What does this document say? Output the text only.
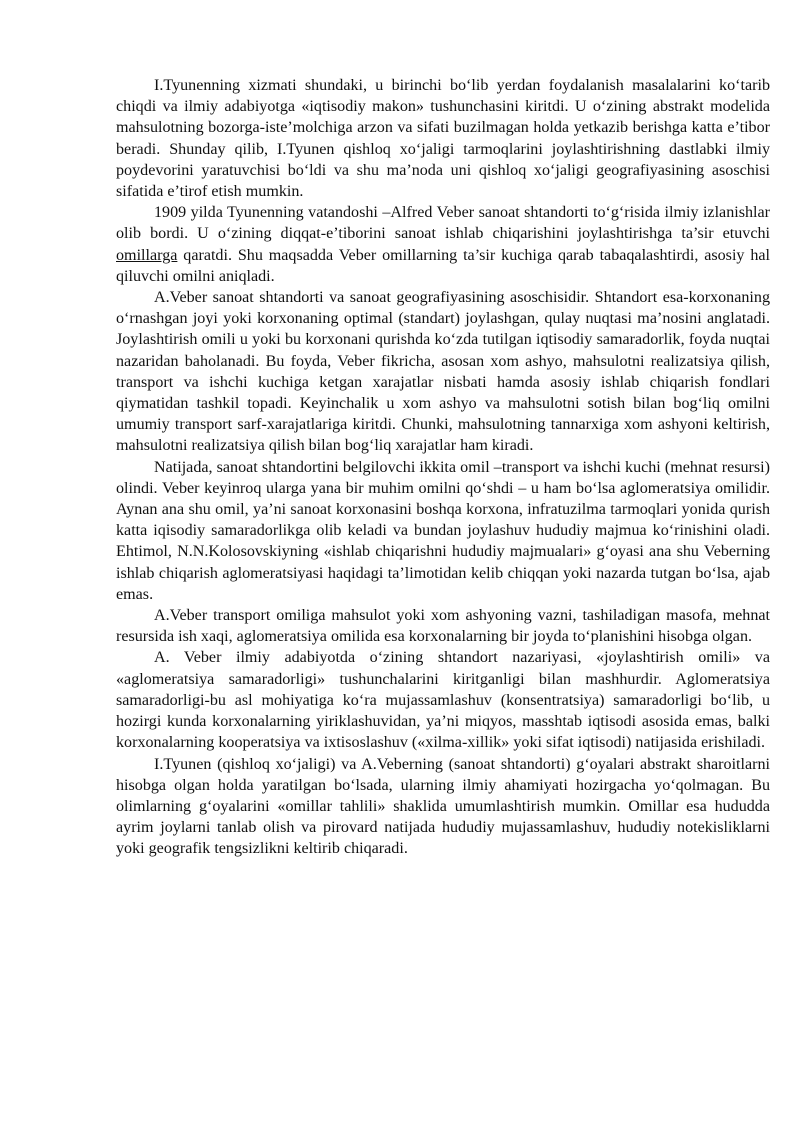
I.Tyunenning xizmati shundaki, u birinchi bo‘lib yerdan foydalanish masalalarini ko‘tarib chiqdi va ilmiy adabiyotga «iqtisodiy makon» tushunchasini kiritdi. U o‘zining abstrakt modelida mahsulotning bozorga-iste’molchiga arzon va sifati buzilmagan holda yetkazib berishga katta e’tibor beradi. Shunday qilib, I.Tyunen qishloq xo‘jaligi tarmoqlarini joylashtirishning dastlabki ilmiy poydevorini yaratuvchisi bo‘ldi va shu ma’noda uni qishloq xo‘jaligi geografiyasining asoschisi sifatida e’tirof etish mumkin.

1909 yilda Tyunenning vatandoshi –Alfred Veber sanoat shtandorti to‘g‘risida ilmiy izlanishlar olib bordi. U o‘zining diqqat-e’tiborini sanoat ishlab chiqarishini joylashtirishga ta’sir etuvchi omillarga qaratdi. Shu maqsadda Veber omillarning ta’sir kuchiga qarab tabaqalashtirdi, asosiy hal qiluvchi omilni aniqladi.

A.Veber sanoat shtandorti va sanoat geografiyasining asoschisidir. Shtandort esa-korxonaning o‘rnashgan joyi yoki korxonaning optimal (standart) joylashgan, qulay nuqtasi ma’nosini anglatadi. Joylashtirish omili u yoki bu korxonani qurishda ko‘zda tutilgan iqtisodiy samaradorlik, foyda nuqtai nazaridan baholanadi. Bu foyda, Veber fikricha, asosan xom ashyo, mahsulotni realizatsiya qilish, transport va ishchi kuchiga ketgan xarajatlar nisbati hamda asosiy ishlab chiqarish fondlari qiymatidan tashkil topadi. Keyinchalik u xom ashyo va mahsulotni sotish bilan bog‘liq omilni umumiy transport sarf-xarajatlariga kiritdi. Chunki, mahsulotning tannarxiga xom ashyoni keltirish, mahsulotni realizatsiya qilish bilan bog‘liq xarajatlar ham kiradi.

Natijada, sanoat shtandortini belgilovchi ikkita omil –transport va ishchi kuchi (mehnat resursi) olindi. Veber keyinroq ularga yana bir muhim omilni qo‘shdi – u ham bo‘lsa aglomeratsiya omilidir. Aynan ana shu omil, ya’ni sanoat korxonasini boshqa korxona, infratuzilma tarmoqlari yonida qurish katta iqisodiy samaradorlikga olib keladi va bundan joylashuv hududiy majmua ko‘rinishini oladi. Ehtimol, N.N.Kolosovskiyning «ishlab chiqarishni hududiy majmualari» g‘oyasi ana shu Veberning ishlab chiqarish aglomeratsiyasi haqidagi ta’limotidan kelib chiqqan yoki nazarda tutgan bo‘lsa, ajab emas.

A.Veber transport omiliga mahsulot yoki xom ashyoning vazni, tashiladigan masofa, mehnat resursida ish xaqi, aglomeratsiya omilida esa korxonalarning bir joyda to‘planishini hisobga olgan.

A. Veber ilmiy adabiyotda o‘zining shtandort nazariyasi, «joylashtirish omili» va «aglomeratsiya samaradorligi» tushunchalarini kiritganligi bilan mashhurdir. Aglomeratsiya samaradorligi-bu asl mohiyatiga ko‘ra mujassamlashuv (konsentratsiya) samaradorligi bo‘lib, u hozirgi kunda korxonalarning yiriklashuvidan, ya’ni miqyos, masshtab iqtisodi asosida emas, balki korxonalarning kooperatsiya va ixtisoslashuv («xilma-xillik» yoki sifat iqtisodi) natijasida erishiladi.

I.Tyunen (qishloq xo‘jaligi) va A.Veberning (sanoat shtandorti) g‘oyalari abstrakt sharoitlarni hisobga olgan holda yaratilgan bo‘lsada, ularning ilmiy ahamiyati hozirgacha yo‘qolmagan. Bu olimlarning g‘oyalarini «omillar tahlili» shaklida umumlashtirish mumkin. Omillar esa hududda ayrim joylarni tanlab olish va pirovard natijada hududiy mujassamlashuv, hududiy notekisliklarni yoki geografik tengsizlikni keltirib chiqaradi.
